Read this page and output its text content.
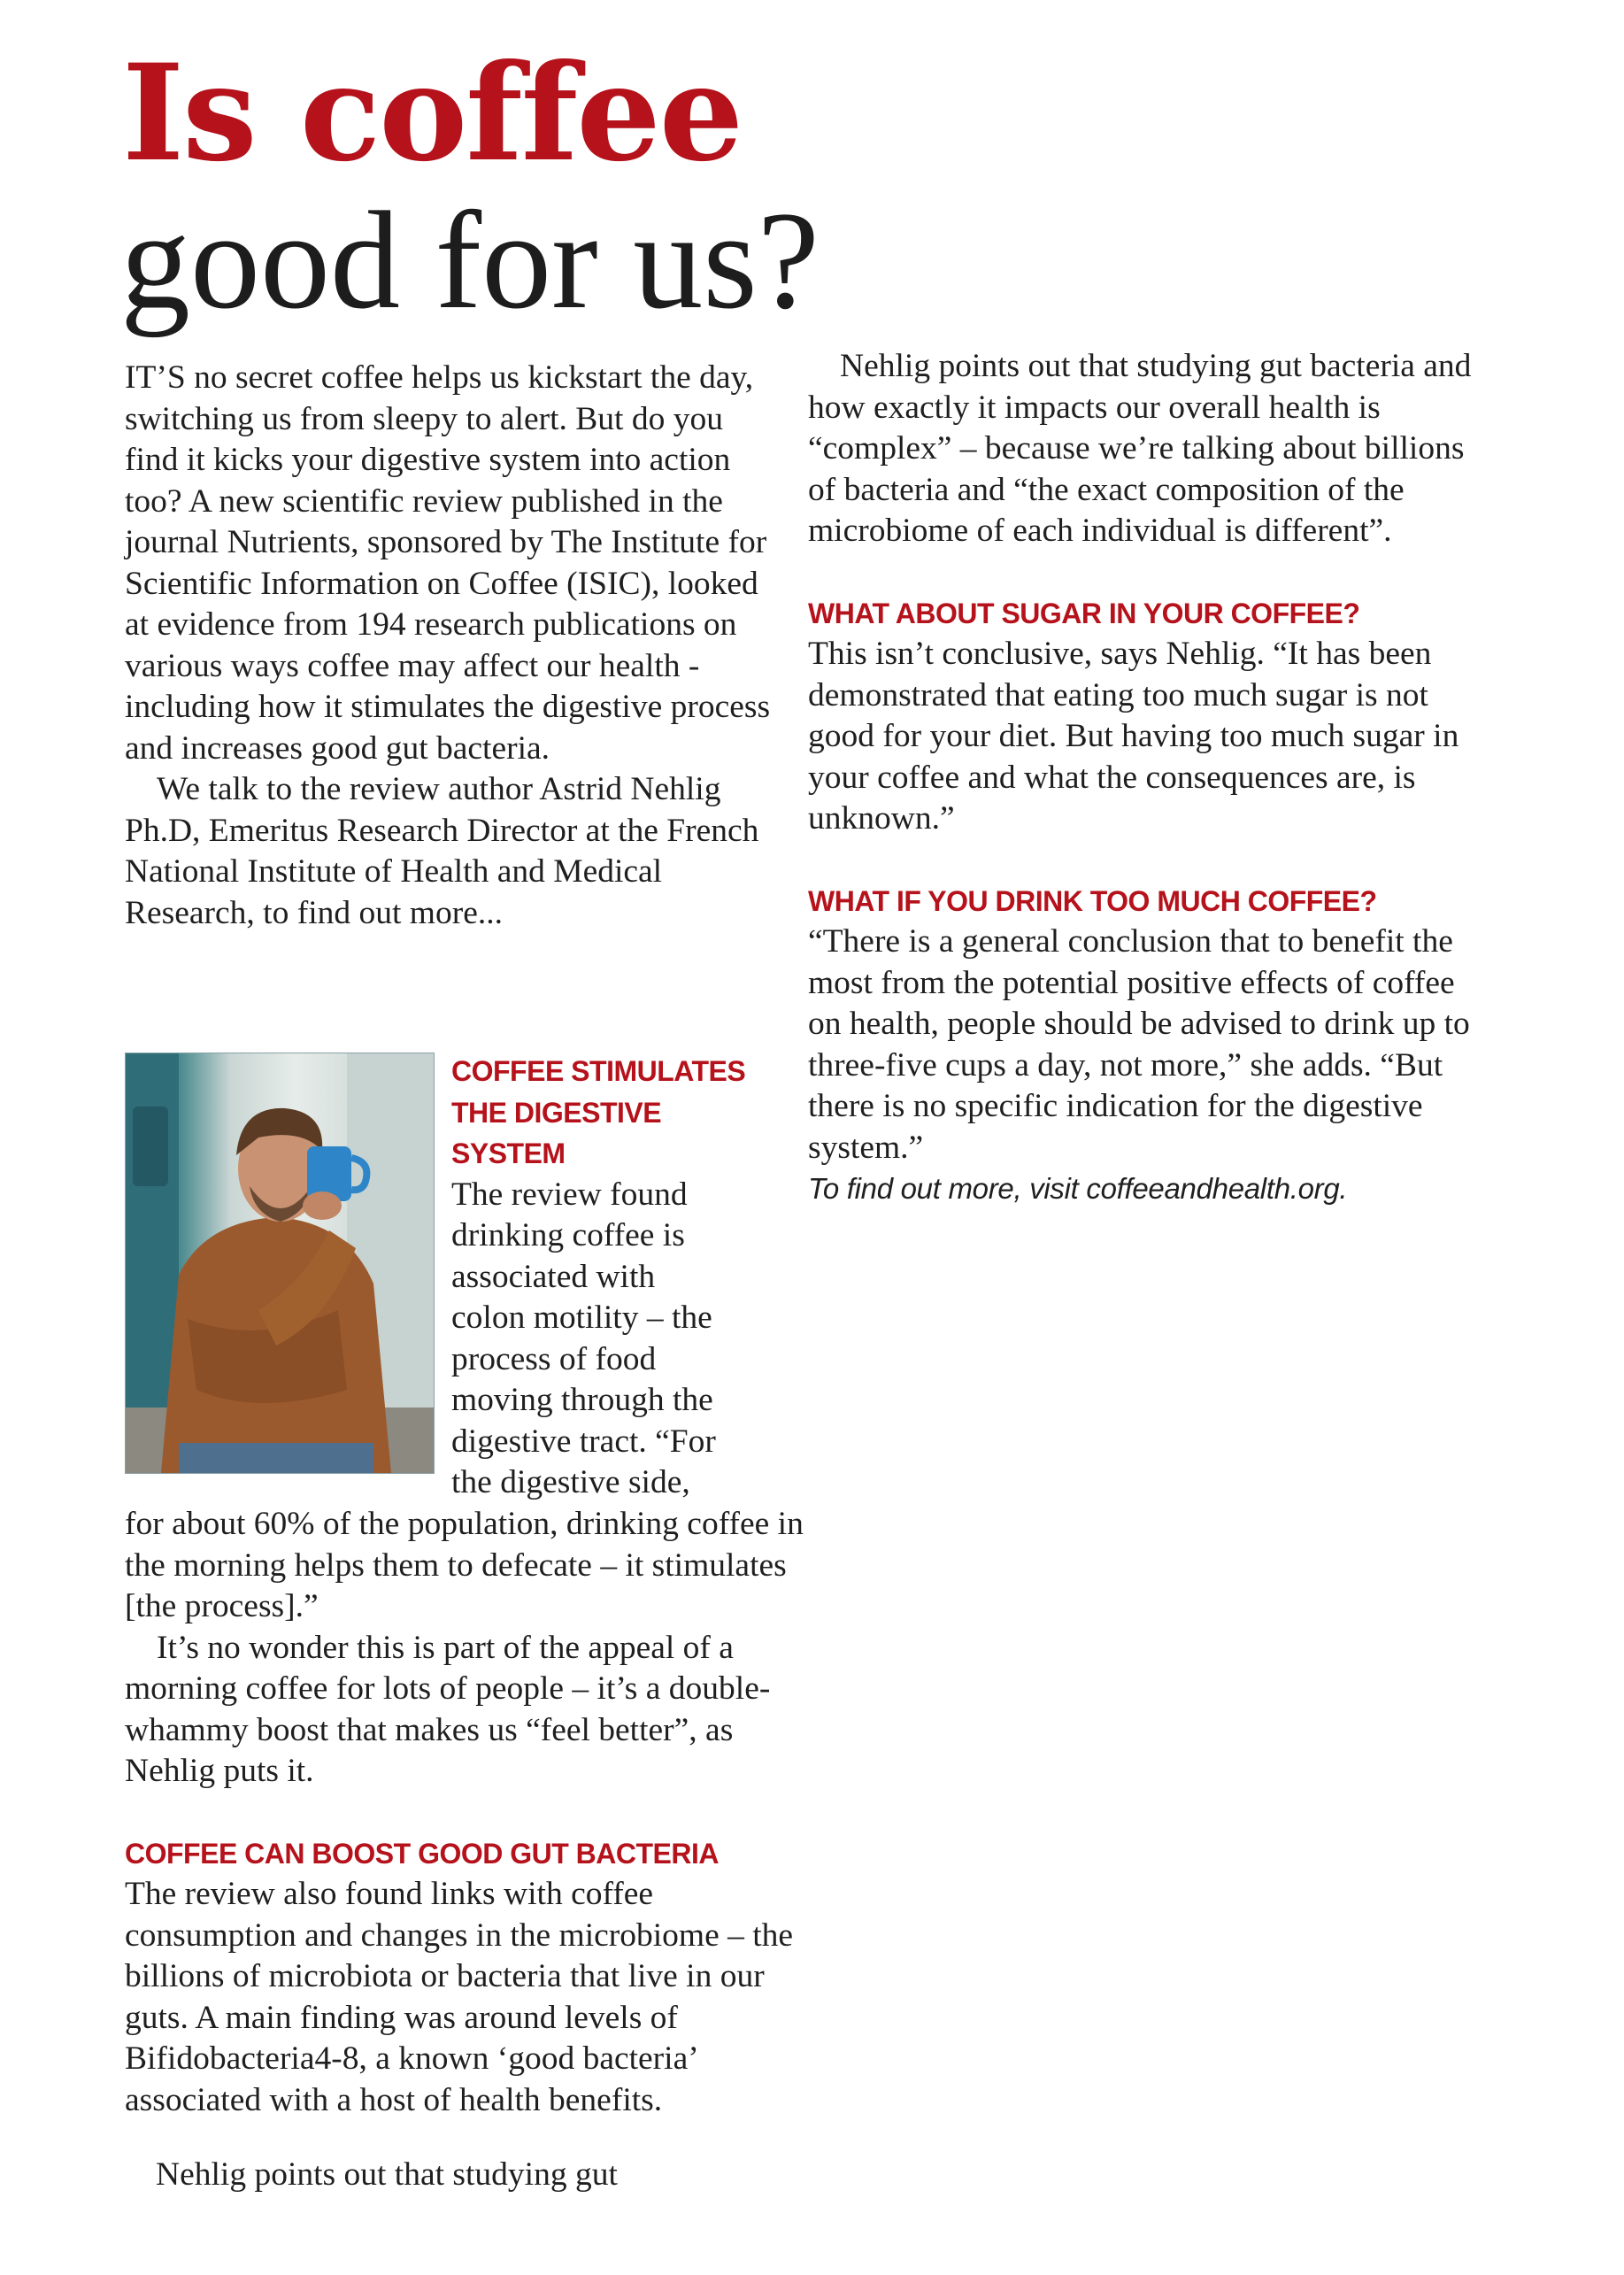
Is coffee
good for us?

IT’S no secret coffee helps us kickstart the day, switching us from sleepy to alert. But do you find it kicks your digestive system into action too? A new scientific review published in the journal Nutrients, sponsored by The Institute for Scientific Information on Coffee (ISIC), looked at evidence from 194 research publications on various ways coffee may affect our health - including how it stimulates the digestive process and increases good gut bacteria.

We talk to the review author Astrid Nehlig Ph.D, Emeritus Research Director at the French National Institute of Health and Medical Research, to find out more...

COFFEE STIMULATES
THE DIGESTIVE
SYSTEM
The review found
drinking coffee is
associated with
colon motility – the
process of food
moving through the
digestive tract. “For
the digestive side,

for about 60% of the population, drinking coffee in the morning helps them to defecate – it stimulates [the process].”

It’s no wonder this is part of the appeal of a morning coffee for lots of people – it’s a double-whammy boost that makes us “feel better”, as Nehlig puts it.

COFFEE CAN BOOST GOOD GUT BACTERIA

The review also found links with coffee consumption and changes in the microbiome – the billions of microbiota or bacteria that live in our guts. A main finding was around levels of Bifidobacteria4-8, a known ‘good bacteria’ associated with a host of health benefits.

Nehlig points out that studying gut

Nehlig points out that studying gut bacteria and how exactly it impacts our overall health is “complex” – because we’re talking about billions of bacteria and “the exact composition of the microbiome of each individual is different”.

WHAT ABOUT SUGAR IN YOUR COFFEE?

This isn’t conclusive, says Nehlig. “It has been demonstrated that eating too much sugar is not good for your diet. But having too much sugar in your coffee and what the consequences are, is unknown.”

WHAT IF YOU DRINK TOO MUCH COFFEE?

“There is a general conclusion that to benefit the most from the potential positive effects of coffee on health, people should be advised to drink up to three-five cups a day, not more,” she adds. “But there is no specific indication for the digestive system.”

To find out more, visit coffeeandhealth.org.
